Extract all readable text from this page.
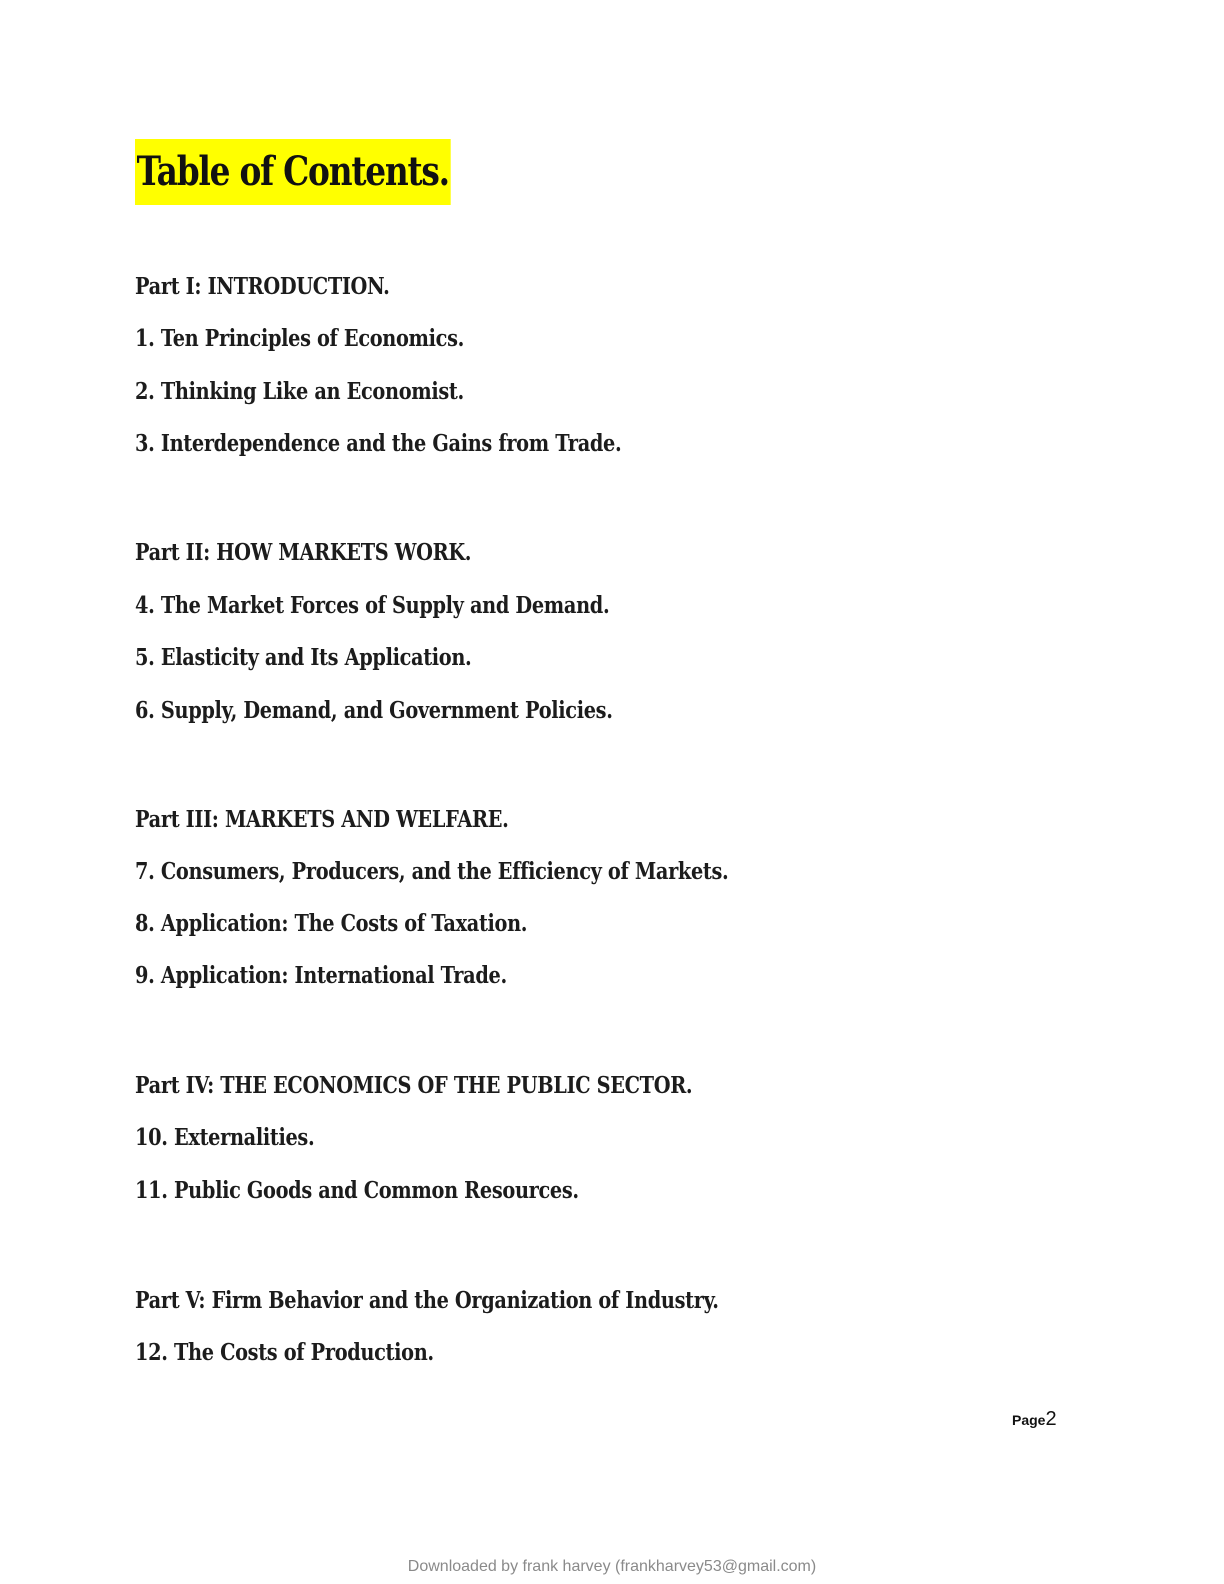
Table of Contents.
Part I: INTRODUCTION.
1. Ten Principles of Economics.
2. Thinking Like an Economist.
3. Interdependence and the Gains from Trade.
Part II: HOW MARKETS WORK.
4. The Market Forces of Supply and Demand.
5. Elasticity and Its Application.
6. Supply, Demand, and Government Policies.
Part III: MARKETS AND WELFARE.
7. Consumers, Producers, and the Efficiency of Markets.
8. Application: The Costs of Taxation.
9. Application: International Trade.
Part IV: THE ECONOMICS OF THE PUBLIC SECTOR.
10. Externalities.
11. Public Goods and Common Resources.
Part V: Firm Behavior and the Organization of Industry.
12. The Costs of Production.
Page2
Downloaded by frank harvey (frankharvey53@gmail.com)
